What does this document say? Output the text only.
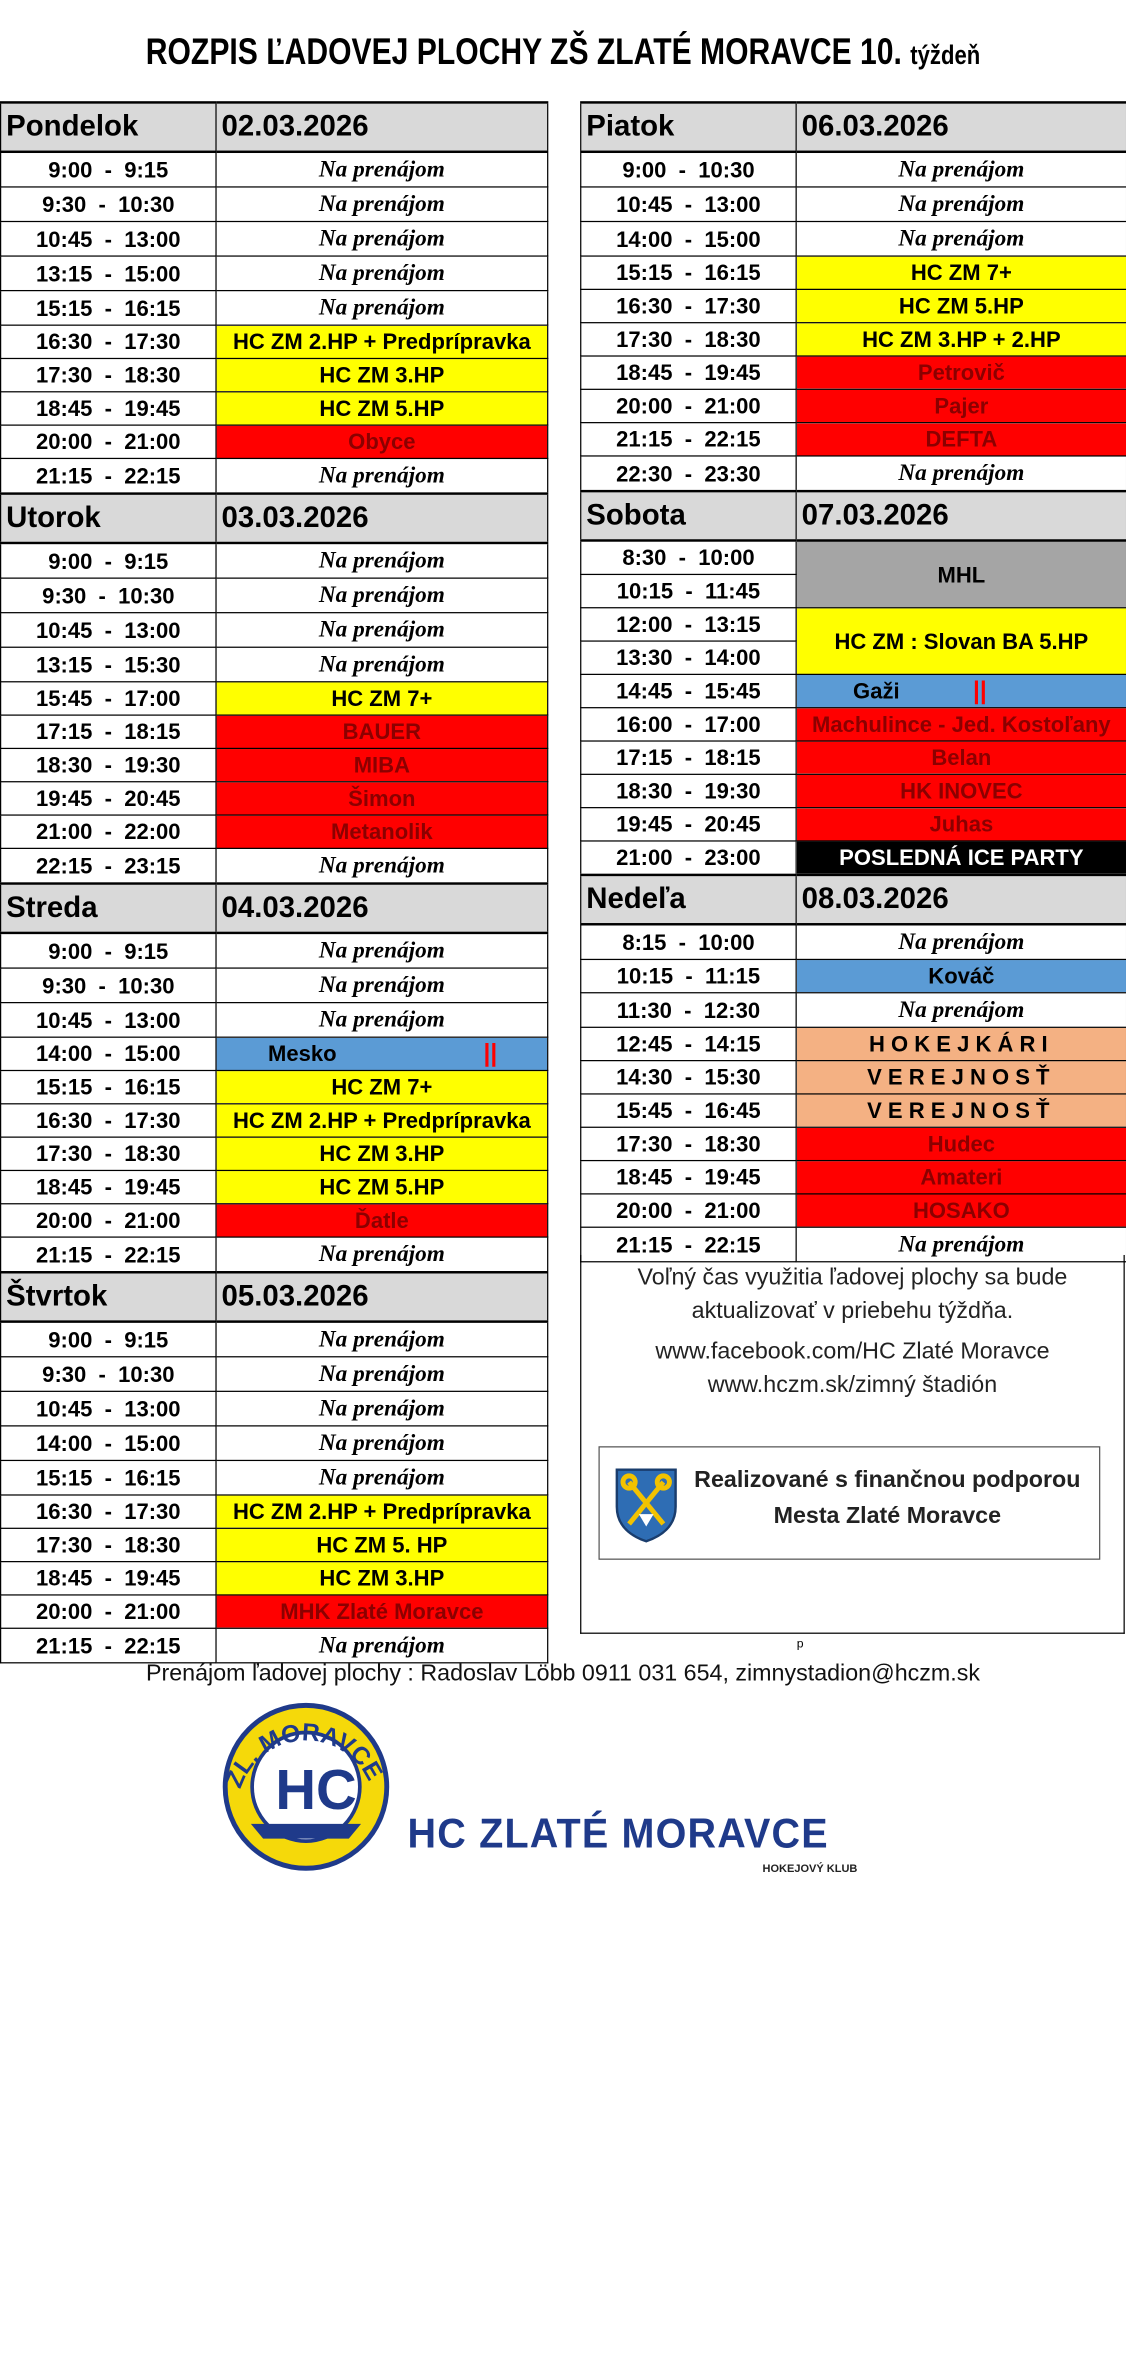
ROZPIS ĽADOVEJ PLOCHY ZŠ ZLATÉ MORAVCE 10. týždeň
Pondelok	02.03.2026
9:00  -  9:15	Na prenájom
9:30  -  10:30	Na prenájom
10:45  -  13:00	Na prenájom
13:15  -  15:00	Na prenájom
15:15  -  16:15	Na prenájom
16:30  -  17:30	HC ZM 2.HP + Predprípravka
17:30  -  18:30	HC ZM 3.HP
18:45  -  19:45	HC ZM 5.HP
20:00  -  21:00	Obyce
21:15  -  22:15	Na prenájom
Utorok	03.03.2026
9:00  -  9:15	Na prenájom
9:30  -  10:30	Na prenájom
10:45  -  13:00	Na prenájom
13:15  -  15:30	Na prenájom
15:45  -  17:00	HC ZM 7+
17:15  -  18:15	BAUER
18:30  -  19:30	MIBA
19:45  -  20:45	Šimon
21:00  -  22:00	Metanolik
22:15  -  23:15	Na prenájom
Streda	04.03.2026
9:00  -  9:15	Na prenájom
9:30  -  10:30	Na prenájom
10:45  -  13:00	Na prenájom
14:00  -  15:00	Mesko ||
15:15  -  16:15	HC ZM 7+
16:30  -  17:30	HC ZM 2.HP + Predprípravka
17:30  -  18:30	HC ZM 3.HP
18:45  -  19:45	HC ZM 5.HP
20:00  -  21:00	Ďatle
21:15  -  22:15	Na prenájom
Štvrtok	05.03.2026
9:00  -  9:15	Na prenájom
9:30  -  10:30	Na prenájom
10:45  -  13:00	Na prenájom
14:00  -  15:00	Na prenájom
15:15  -  16:15	Na prenájom
16:30  -  17:30	HC ZM 2.HP + Predprípravka
17:30  -  18:30	HC ZM 5. HP
18:45  -  19:45	HC ZM 3.HP
20:00  -  21:00	MHK Zlaté Moravce
21:15  -  22:15	Na prenájom
Piatok	06.03.2026
9:00  -  10:30	Na prenájom
10:45  -  13:00	Na prenájom
14:00  -  15:00	Na prenájom
15:15  -  16:15	HC ZM 7+
16:30  -  17:30	HC ZM 5.HP
17:30  -  18:30	HC ZM 3.HP + 2.HP
18:45  -  19:45	Petrovič
20:00  -  21:00	Pajer
21:15  -  22:15	DEFTA
22:30  -  23:30	Na prenájom
Sobota	07.03.2026
8:30  -  10:00	MHL
10:15  -  11:45	
12:00  -  13:15	HC ZM : Slovan BA 5.HP
13:30  -  14:00	
14:45  -  15:45	Gaži ||
16:00  -  17:00	Machulince - Jed. Kostoľany
17:15  -  18:15	Belan
18:30  -  19:30	HK INOVEC
19:45  -  20:45	Juhas
21:00  -  23:00	POSLEDNÁ ICE PARTY
Nedeľa	08.03.2026
8:15  -  10:00	Na prenájom
10:15  -  11:15	Kováč
11:30  -  12:30	Na prenájom
12:45  -  14:15	HOKEJKÁRI
14:30  -  15:30	VEREJNOSŤ
15:45  -  16:45	VEREJNOSŤ
17:30  -  18:30	Hudec
18:45  -  19:45	Amateri
20:00  -  21:00	HOSAKO
21:15  -  22:15	Na prenájom
Voľný čas využitia ľadovej plochy sa bude
aktualizovať v priebehu týždňa.
www.facebook.com/HC Zlaté Moravce
www.hczm.sk/zimný štadión
Realizované s finančnou podporou
Mesta Zlaté Moravce
p
Prenájom ľadovej plochy : Radoslav Löbb 0911 031 654, zimnystadion@hczm.sk
ZL. MORAVCE
HC
HC ZLATÉ MORAVCE
HOKEJOVÝ KLUB
